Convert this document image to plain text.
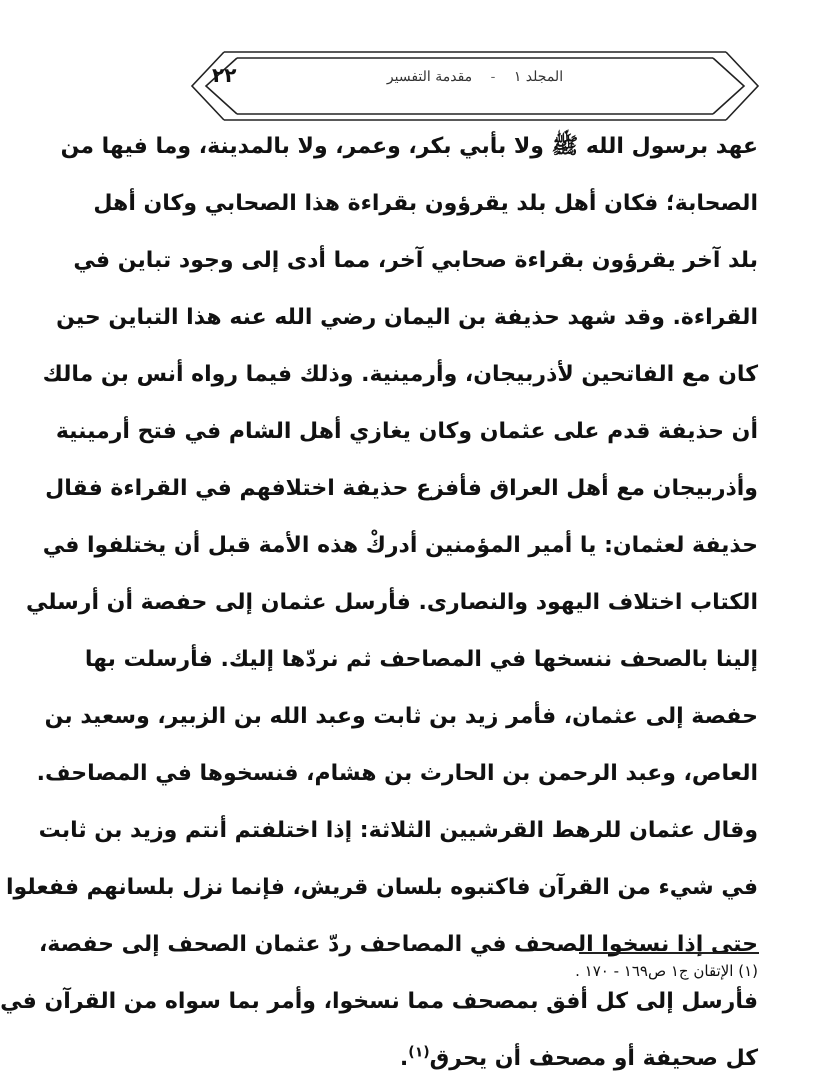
٢٢	المجلد ١ - مقدمة التفسير
عهد برسول الله ﷺ ولا بأبي بكر، وعمر، ولا بالمدينة، وما فيها من
الصحابة؛ فكان أهل بلد يقرؤون بقراءة هذا الصحابي وكان أهل
بلد آخر يقرؤون بقراءة صحابي آخر، مما أدى إلى وجود تباين في
القراءة. وقد شهد حذيفة بن اليمان رضي الله عنه هذا التباين حين
كان مع الفاتحين لأذربيجان، وأرمينية. وذلك فيما رواه أنس بن مالك
أن حذيفة قدم على عثمان وكان يغازي أهل الشام في فتح أرمينية
وأذربيجان مع أهل العراق فأفزع حذيفة اختلافهم في القراءة فقال
حذيفة لعثمان: يا أمير المؤمنين أدركْ هذه الأمة قبل أن يختلفوا في
الكتاب اختلاف اليهود والنصارى. فأرسل عثمان إلى حفصة أن أرسلي
إلينا بالصحف ننسخها في المصاحف ثم نردّها إليك. فأرسلت بها
حفصة إلى عثمان، فأمر زيد بن ثابت وعبد الله بن الزبير، وسعيد بن
العاص، وعبد الرحمن بن الحارث بن هشام، فنسخوها في المصاحف.
وقال عثمان للرهط القرشيين الثلاثة: إذا اختلفتم أنتم وزيد بن ثابت
في شيء من القرآن فاكتبوه بلسان قريش، فإنما نزل بلسانهم ففعلوا
حتى إذا نسخوا الصحف في المصاحف ردّ عثمان الصحف إلى حفصة،
فأرسل إلى كل أفق بمصحف مما نسخوا، وأمر بما سواه من القرآن في
كل صحيفة أو مصحف أن يحرق$^{(١)}$.
(١) الإتقان ج١ ص١٦٩ - ١٧٠ .
